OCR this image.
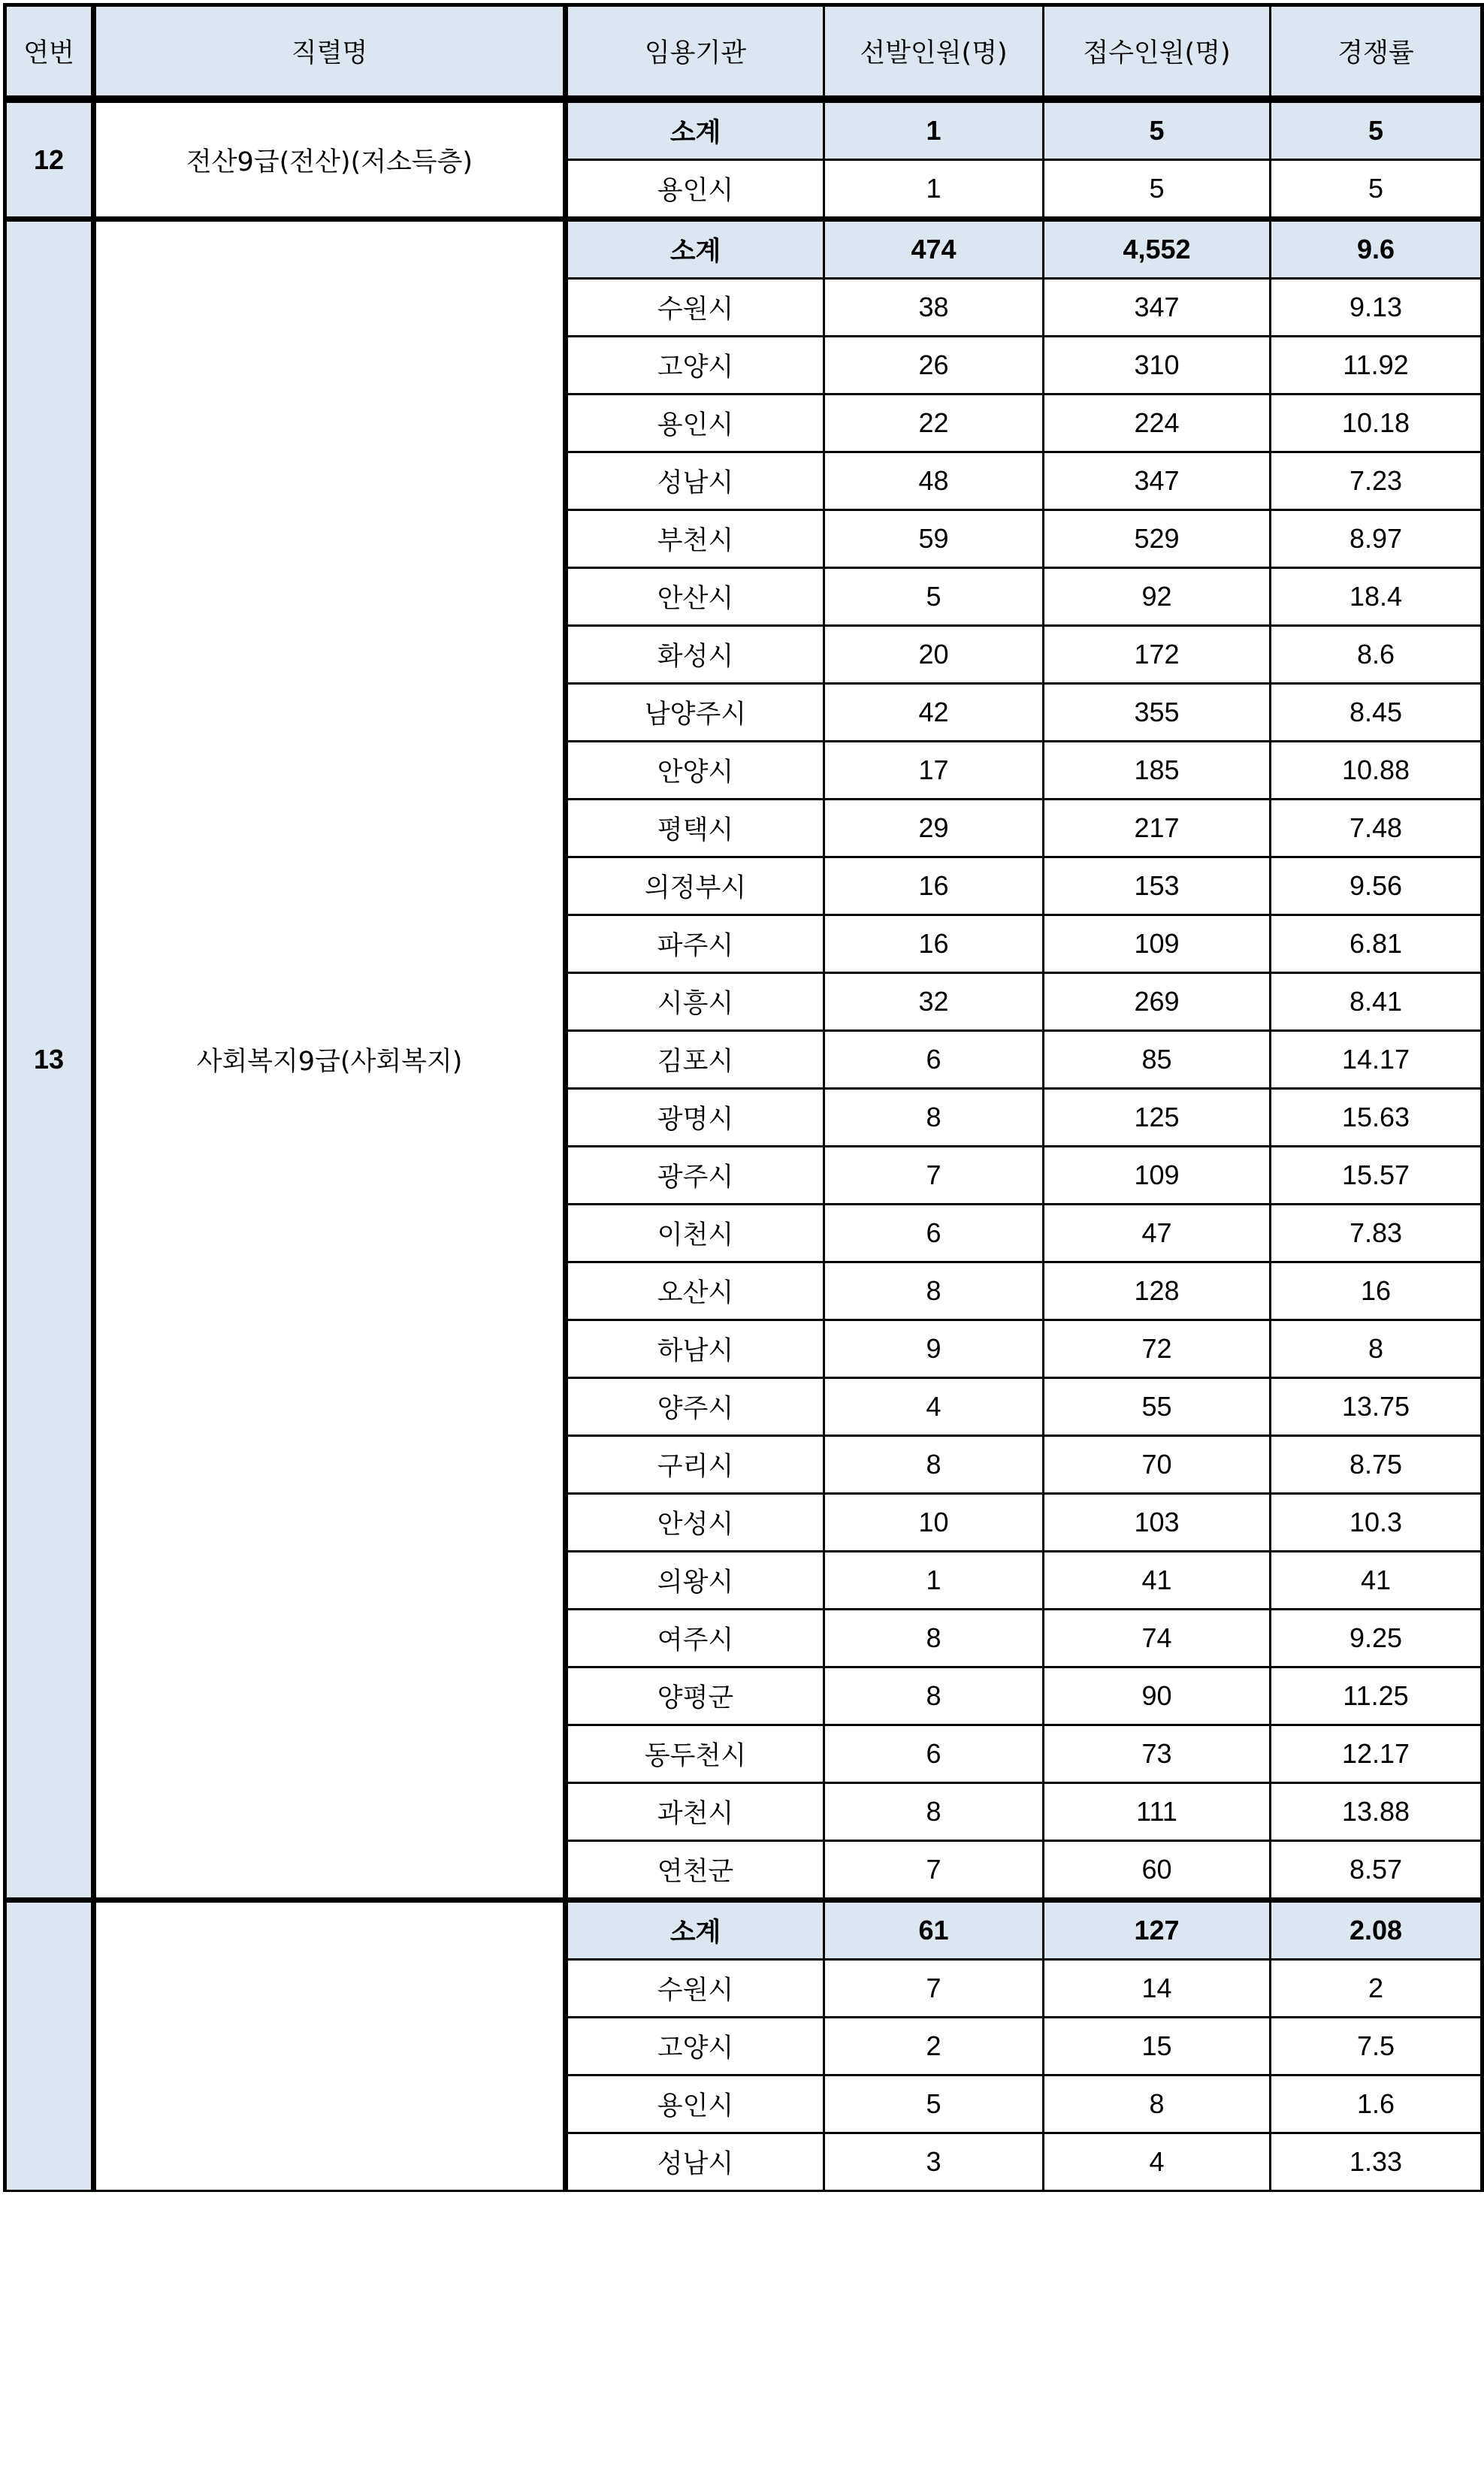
연번	직렬명	임용기관	선발인원(명)	접수인원(명)	경쟁률
12	전산9급(전산)(저소득층)	소계	1	5	5
		용인시	1	5	5
13	사회복지9급(사회복지)	소계	474	4,552	9.6
		수원시	38	347	9.13
		고양시	26	310	11.92
		용인시	22	224	10.18
		성남시	48	347	7.23
		부천시	59	529	8.97
		안산시	5	92	18.4
		화성시	20	172	8.6
		남양주시	42	355	8.45
		안양시	17	185	10.88
		평택시	29	217	7.48
		의정부시	16	153	9.56
		파주시	16	109	6.81
		시흥시	32	269	8.41
		김포시	6	85	14.17
		광명시	8	125	15.63
		광주시	7	109	15.57
		이천시	6	47	7.83
		오산시	8	128	16
		하남시	9	72	8
		양주시	4	55	13.75
		구리시	8	70	8.75
		안성시	10	103	10.3
		의왕시	1	41	41
		여주시	8	74	9.25
		양평군	8	90	11.25
		동두천시	6	73	12.17
		과천시	8	111	13.88
		연천군	7	60	8.57
		소계	61	127	2.08
		수원시	7	14	2
		고양시	2	15	7.5
		용인시	5	8	1.6
		성남시	3	4	1.33
